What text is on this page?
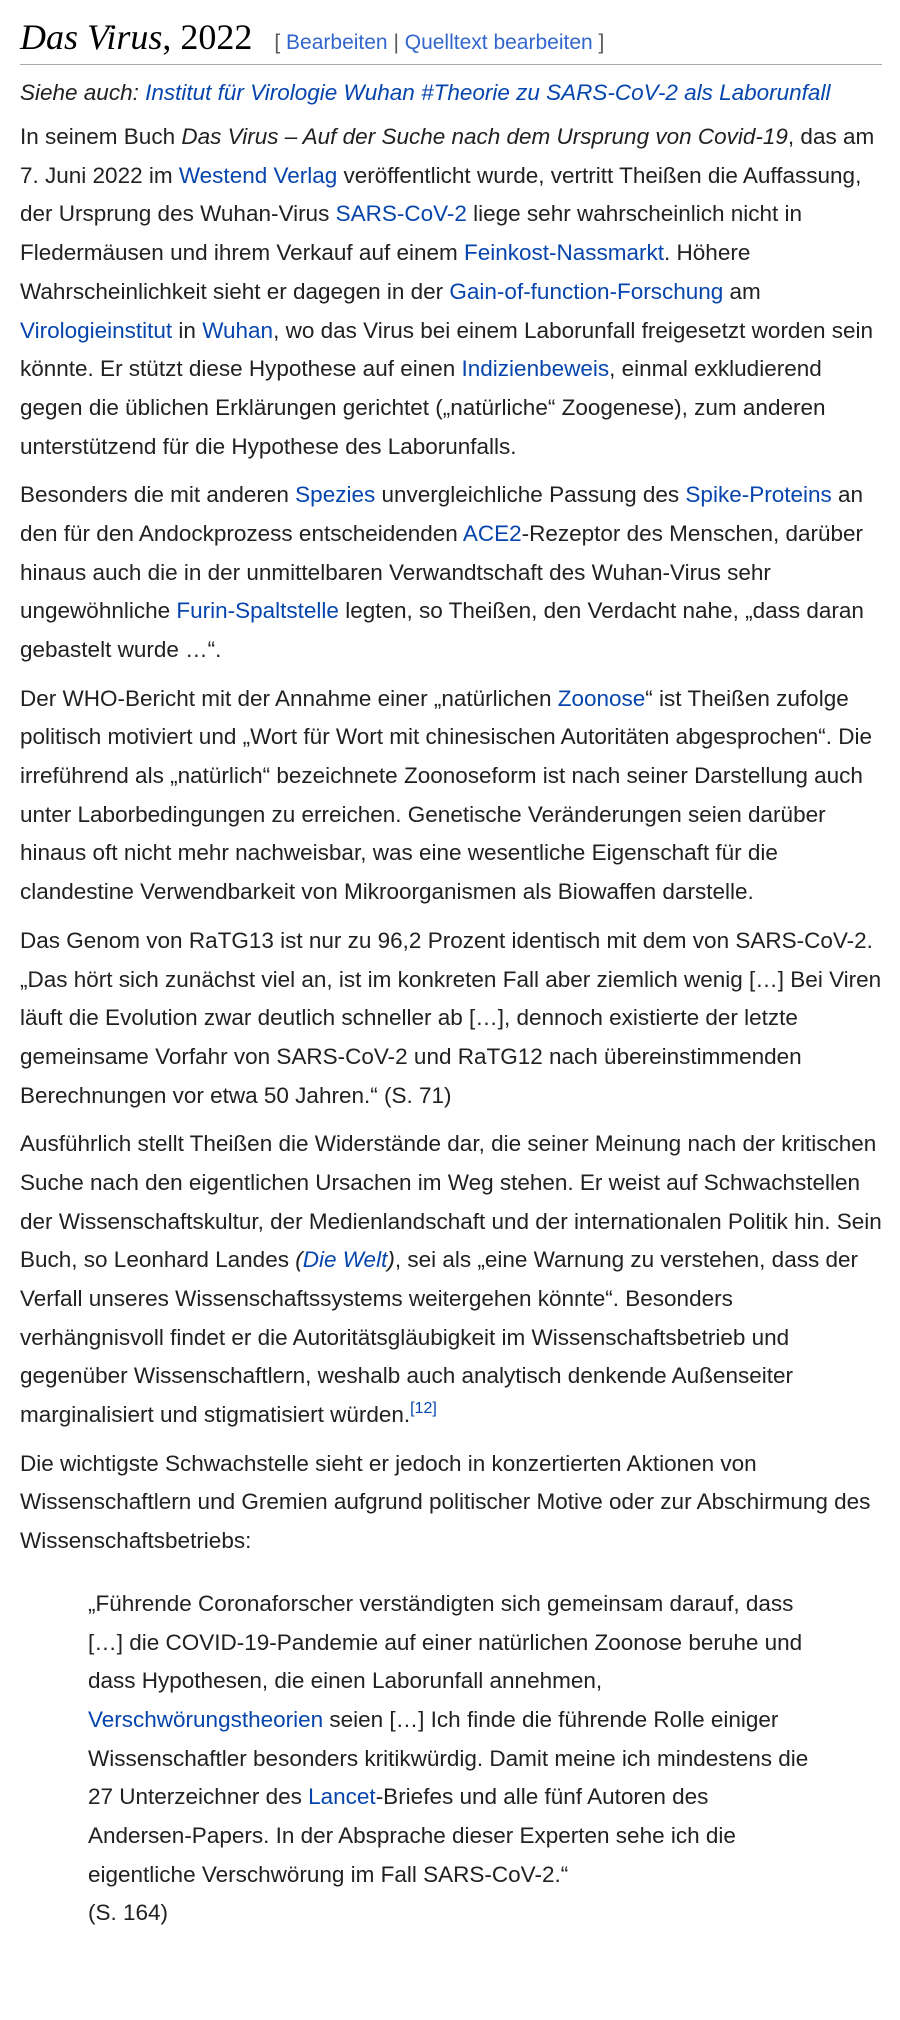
Das Virus, 2022 [ Bearbeiten | Quelltext bearbeiten ]
Siehe auch: Institut für Virologie Wuhan #Theorie zu SARS-CoV-2 als Laborunfall

In seinem Buch Das Virus – Auf der Suche nach dem Ursprung von Covid-19, das am 7. Juni 2022 im Westend Verlag veröffentlicht wurde, vertritt Theißen die Auffassung, der Ursprung des Wuhan-Virus SARS-CoV-2 liege sehr wahrscheinlich nicht in Fledermäusen und ihrem Verkauf auf einem Feinkost-Nassmarkt. Höhere Wahrscheinlichkeit sieht er dagegen in der Gain-of-function-Forschung am Virologieinstitut in Wuhan, wo das Virus bei einem Laborunfall freigesetzt worden sein könnte. Er stützt diese Hypothese auf einen Indizienbeweis, einmal exkludierend gegen die üblichen Erklärungen gerichtet („natürliche“ Zoogenese), zum anderen unterstützend für die Hypothese des Laborunfalls.

Besonders die mit anderen Spezies unvergleichliche Passung des Spike-Proteins an den für den Andockprozess entscheidenden ACE2-Rezeptor des Menschen, darüber hinaus auch die in der unmittelbaren Verwandtschaft des Wuhan-Virus sehr ungewöhnliche Furin-Spaltstelle legten, so Theißen, den Verdacht nahe, „dass daran gebastelt wurde …“.

Der WHO-Bericht mit der Annahme einer „natürlichen Zoonose“ ist Theißen zufolge politisch motiviert und „Wort für Wort mit chinesischen Autoritäten abgesprochen“. Die irreführend als „natürlich“ bezeichnete Zoonoseform ist nach seiner Darstellung auch unter Laborbedingungen zu erreichen. Genetische Veränderungen seien darüber hinaus oft nicht mehr nachweisbar, was eine wesentliche Eigenschaft für die clandestine Verwendbarkeit von Mikroorganismen als Biowaffen darstelle.

Das Genom von RaTG13 ist nur zu 96,2 Prozent identisch mit dem von SARS-CoV-2. „Das hört sich zunächst viel an, ist im konkreten Fall aber ziemlich wenig […] Bei Viren läuft die Evolution zwar deutlich schneller ab […], dennoch existierte der letzte gemeinsame Vorfahr von SARS-CoV-2 und RaTG12 nach übereinstimmenden Berechnungen vor etwa 50 Jahren.“ (S. 71)

Ausführlich stellt Theißen die Widerstände dar, die seiner Meinung nach der kritischen Suche nach den eigentlichen Ursachen im Weg stehen. Er weist auf Schwachstellen der Wissenschaftskultur, der Medienlandschaft und der internationalen Politik hin. Sein Buch, so Leonhard Landes (Die Welt), sei als „eine Warnung zu verstehen, dass der Verfall unseres Wissenschaftssystems weitergehen könnte“. Besonders verhängnisvoll findet er die Autoritätsgläubigkeit im Wissenschaftsbetrieb und gegenüber Wissenschaftlern, weshalb auch analytisch denkende Außenseiter marginalisiert und stigmatisiert würden.[12]

Die wichtigste Schwachstelle sieht er jedoch in konzertierten Aktionen von Wissenschaftlern und Gremien aufgrund politischer Motive oder zur Abschirmung des Wissenschaftsbetriebs:

„Führende Coronaforscher verständigten sich gemeinsam darauf, dass […] die COVID-19-Pandemie auf einer natürlichen Zoonose beruhe und dass Hypothesen, die einen Laborunfall annehmen, Verschwörungstheorien seien […] Ich finde die führende Rolle einiger Wissenschaftler besonders kritikwürdig. Damit meine ich mindestens die 27 Unterzeichner des Lancet-Briefes und alle fünf Autoren des Andersen-Papers. In der Absprache dieser Experten sehe ich die eigentliche Verschwörung im Fall SARS-CoV-2.“
(S. 164)
